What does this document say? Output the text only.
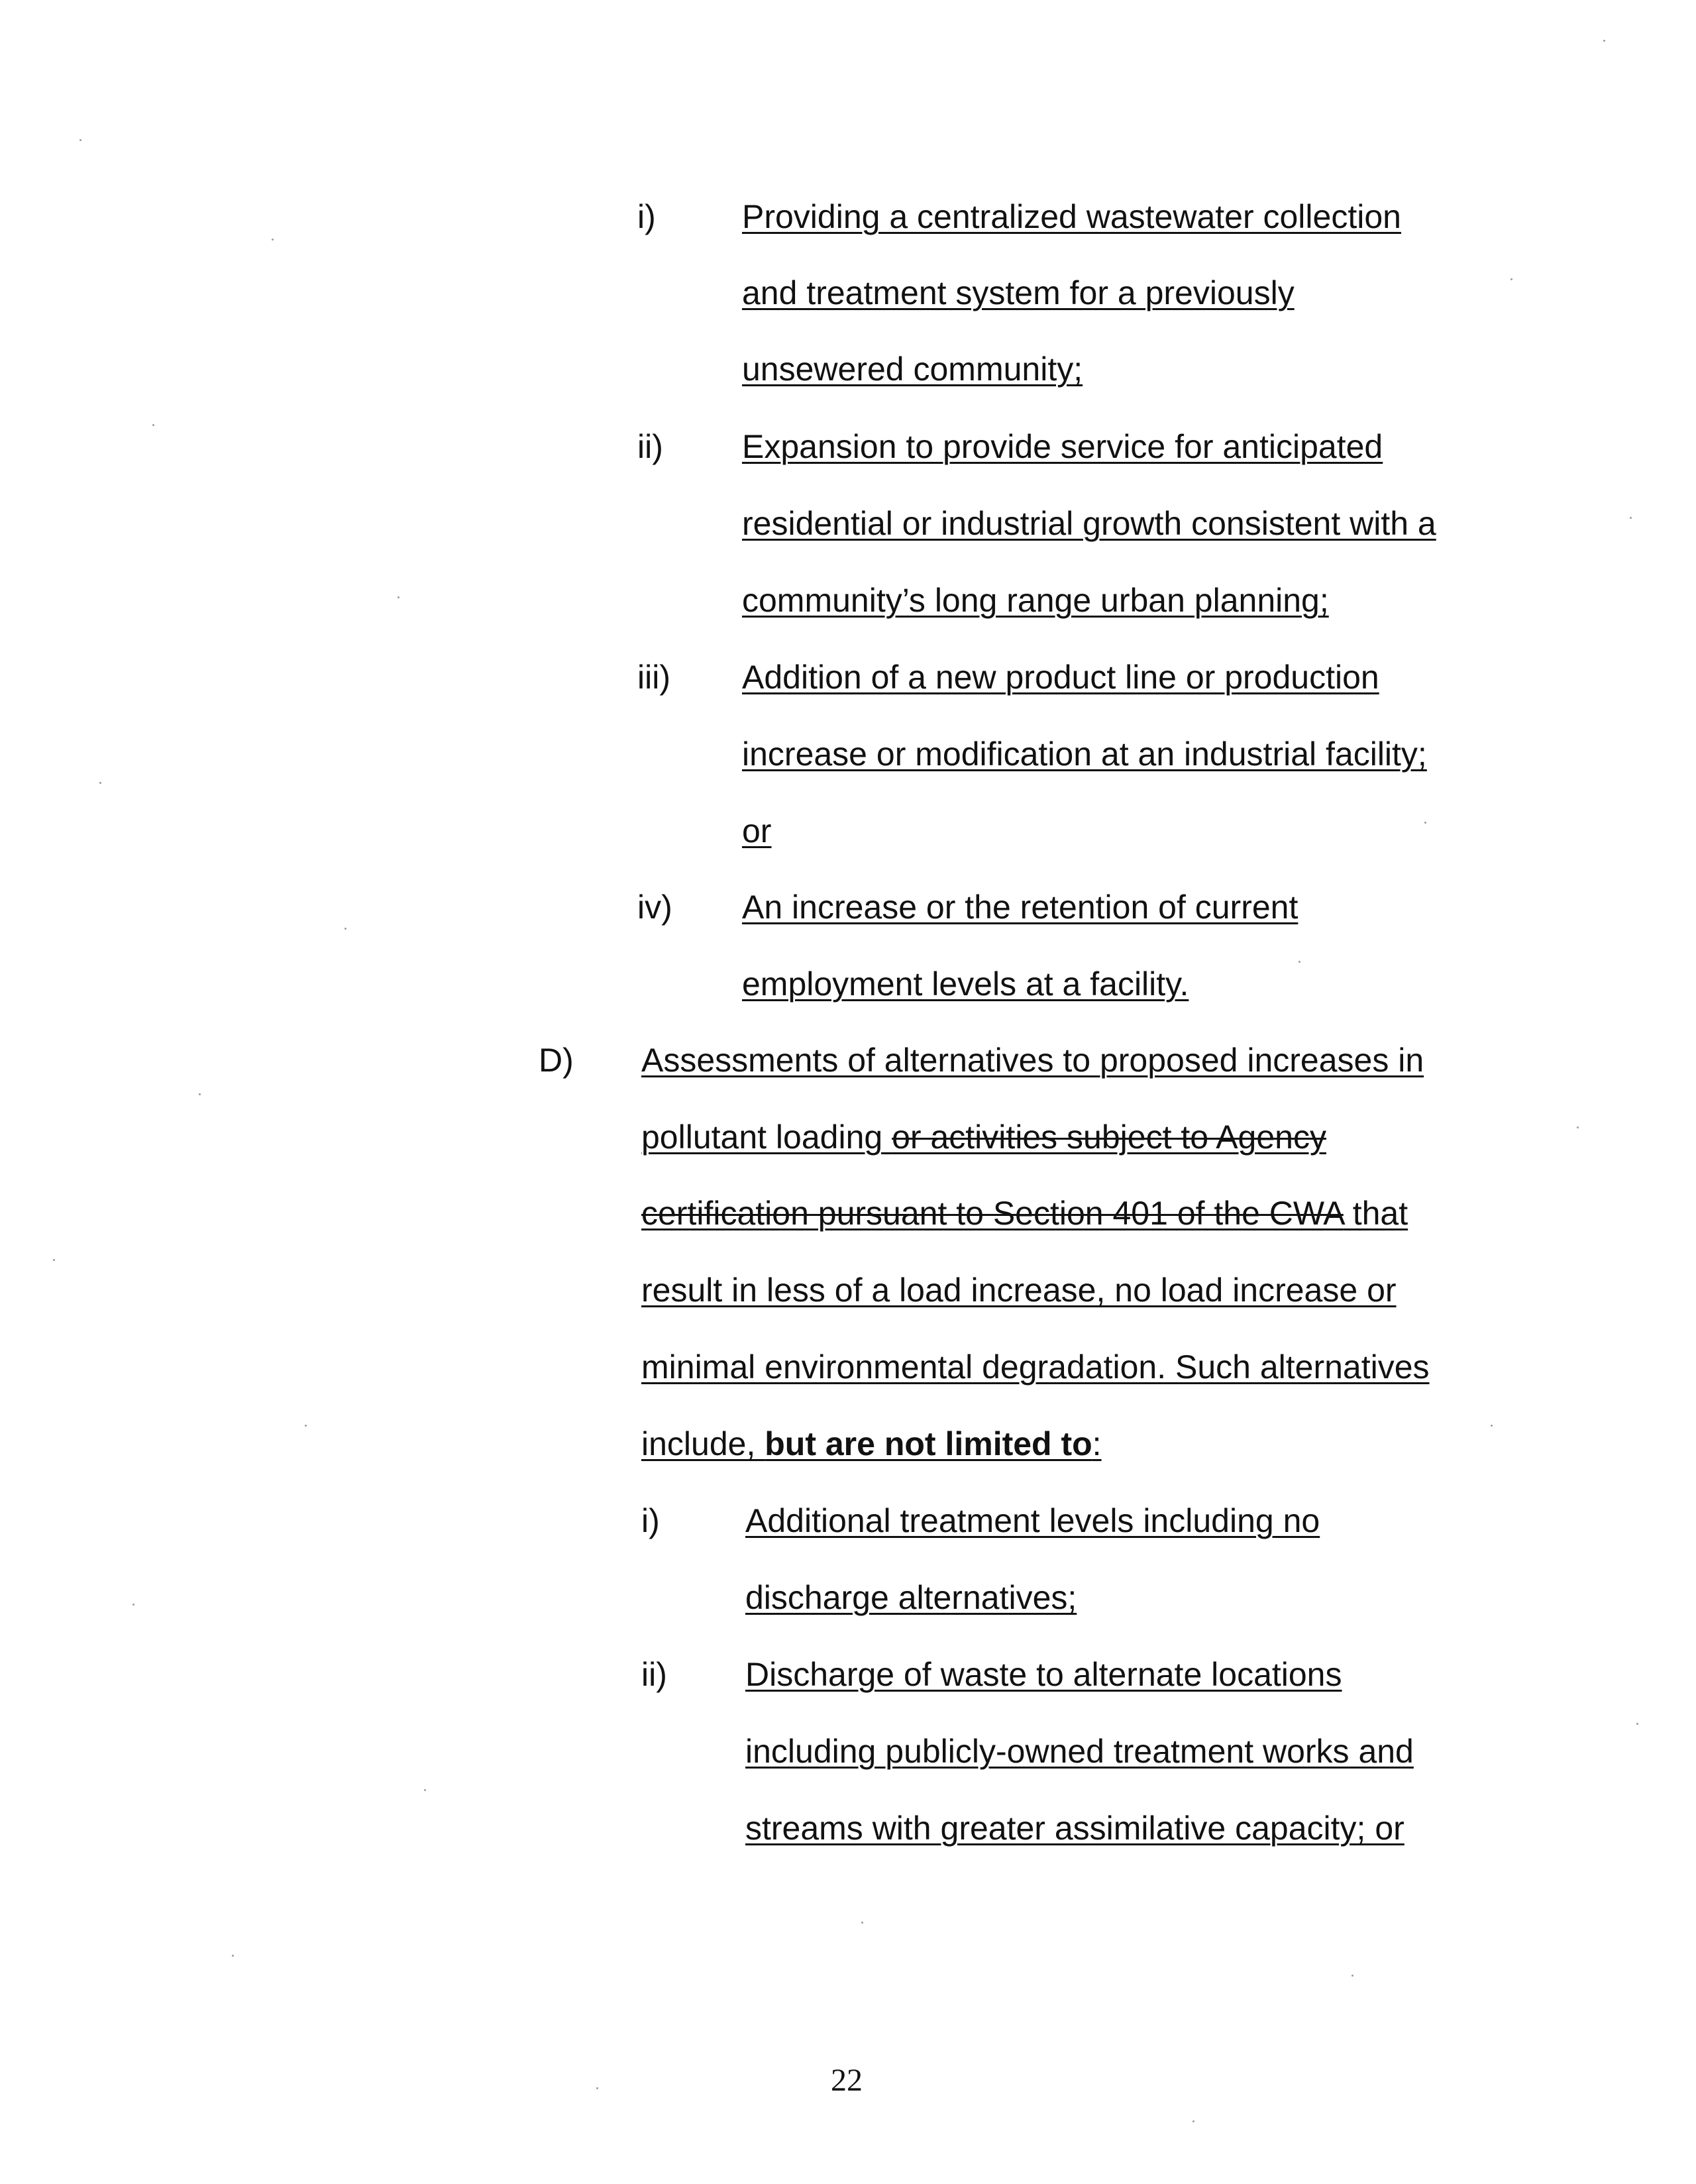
i)	Providing a centralized wastewater collection
and treatment system for a previously
unsewered community;
ii) Expansion to provide service for anticipated
residential or industrial growth consistent with a
community’s long range urban planning;
iii) Addition of a new product line or production
increase or modification at an industrial facility;
or
iv) An increase or the retention of current
employment levels at a facility.
D) Assessments of alternatives to proposed increases in
pollutant loading or activities subject to Agency
certification pursuant to Section 401 of the CWA that
result in less of a load increase, no load increase or
minimal environmental degradation. Such alternatives
include, but are not limited to:
i)	Additional treatment levels including no
discharge alternatives;
ii) Discharge of waste to alternate locations
including publicly-owned treatment works and
streams with greater assimilative capacity; or
22
